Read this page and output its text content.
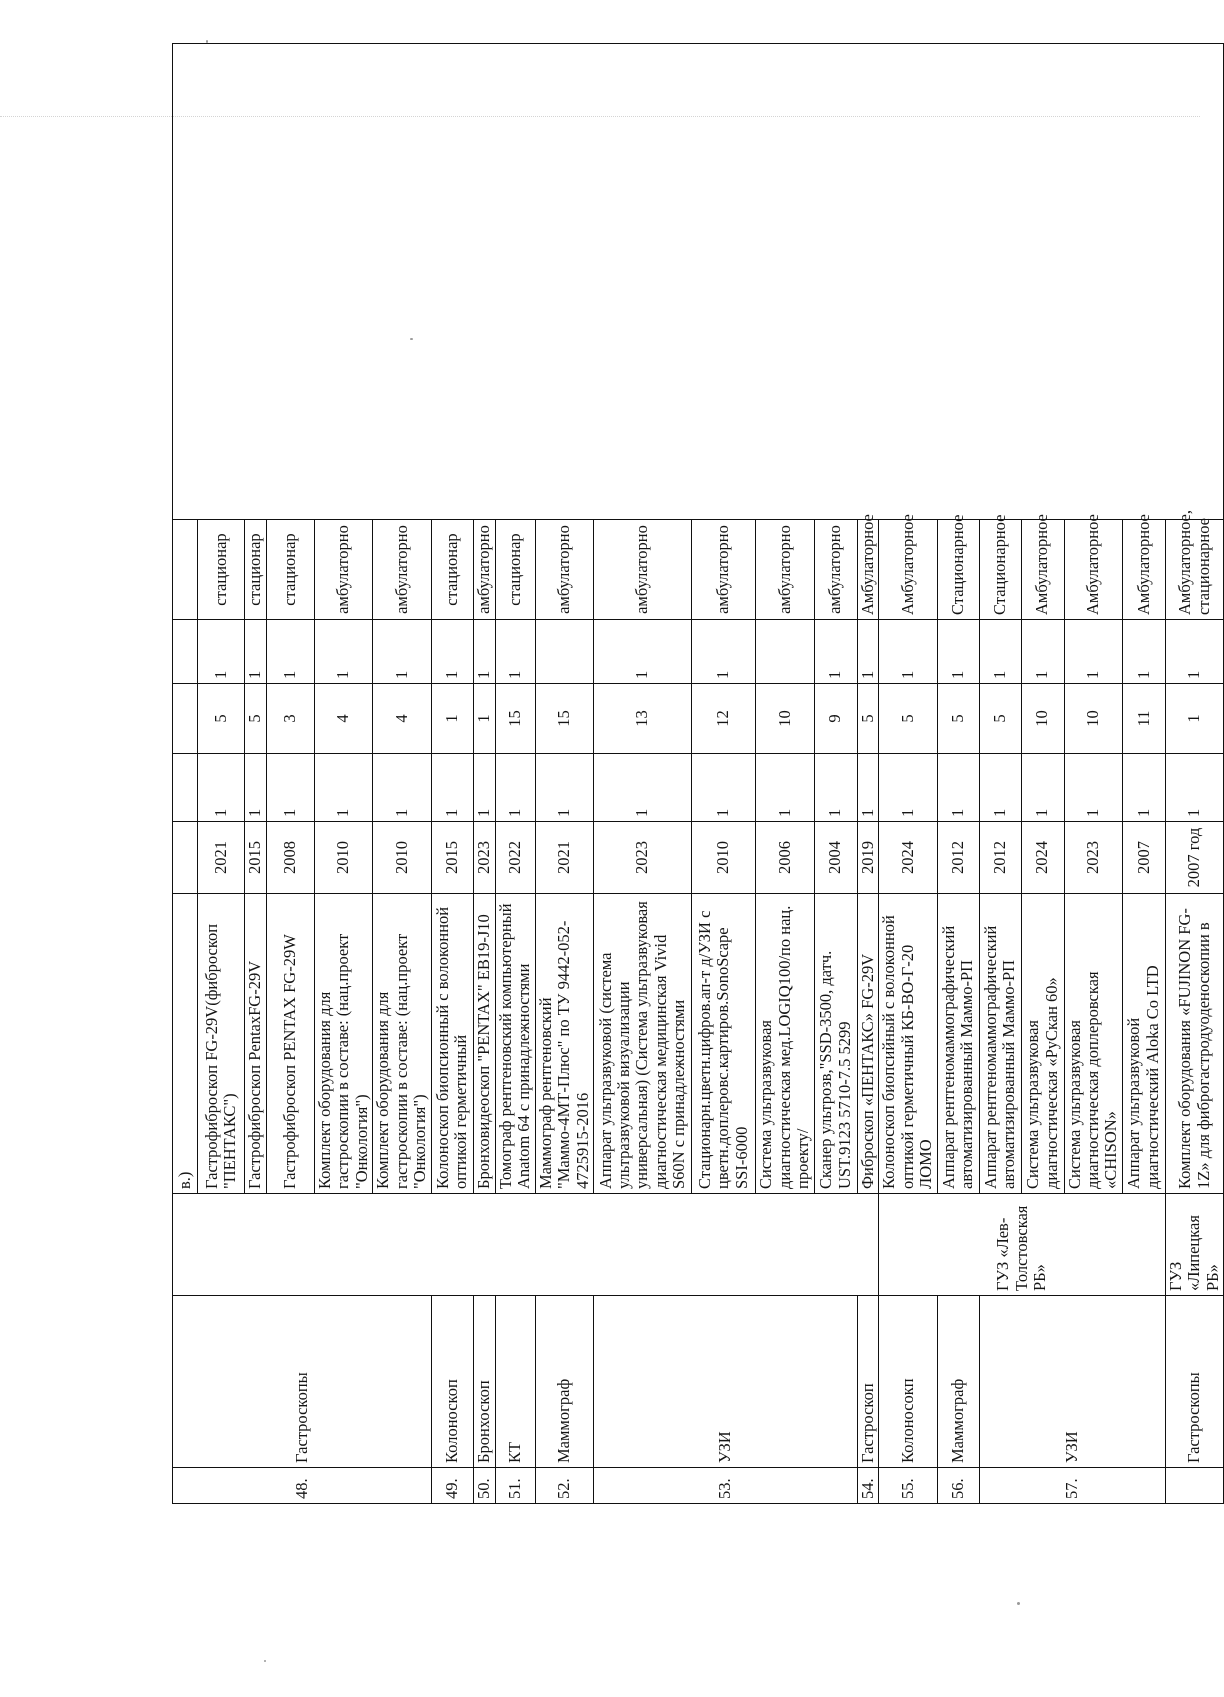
48.	Гастроскопы		в.)						
			Гастрофиброскоп FG-29V(фиброскоп "ПЕНТАКС")	2021	1	5	1	стационар	
			Гастрофиброскоп PentaxFG-29V	2015	1	5	1	стационар	
			Гастрофиброскоп PENTAX FG-29W	2008	1	3	1	стационар	
			Комплект оборудования для гастроскопии в составе: (нац.проект "Онкология")	2010	1	4	1	амбулаторно	
			Комплект оборудования для гастроскопии в составе: (нац.проект "Онкология")	2010	1	4	1	амбулаторно	
49.	Колоноскоп		Колоноскоп биопсионный с волоконной оптикой герметичный	2015	1	1	1	стационар	
50.	Бронхоскоп		Бронховидеоскоп "PENTAX" EB19-J10	2023	1	1	1	амбулаторно	
51.	КТ		Томограф рентгеновский компьютерный Anatom 64 с принадлежностями	2022	1	15	1	стационар	
52.	Маммограф		Маммограф рентгеновский "Маммо-4МТ-Плюс" по ТУ 9442-052-4725915-2016	2021	1	15		амбулаторно	
53.	УЗИ		Аппарат ультразвуковой (система ультразвуковой визуализации универсальная) (Система ультразвуковая диагностическая медицинская Vivid S60N с принадлежностями	2023	1	13	1	амбулаторно	
			Стационарн.цветн.цифров.ап-т д/УЗИ с цветн.доплеровс.картиров.SonoScape SSI-6000	2010	1	12	1	амбулаторно	
			Система ультразвуковая диагностическая мед.LOGIQ100/по нац. проекту/	2006	1	10		амбулаторно	
			Сканер ультрозв,"SSD-3500, датч. UST.9123 5710-7.5 5299	2004	1	9	1	амбулаторно	
54.	Гастроскоп		Фиброскоп «ПЕНТАКС» FG-29V	2019	1	5	1	Амбулаторное	
55.	Колоносокп	ГУЗ «Лев-Толстовская РБ»	Колоноскоп биопсийный с волоконной оптикой герметичный КБ-ВО-Г-20 ЛОМО	2024	1	5	1	Амбулаторное	
56.	Маммограф		Аппарат рентгеномаммографический автоматизированный Маммо-РП	2012	1	5	1	Стационарное	
57.	УЗИ		Аппарат рентгеномаммографический автоматизированный Маммо-РП	2012	1	5	1	Стационарное	
			Система ультразвуковая диагностическая «РуСкан 60»	2024	1	10	1	Амбулаторное	
			Система ультразвуковая диагностическая доплеровская «CHISON»	2023	1	10	1	Амбулаторное	
			Аппарат ультразвуковой диагностический Aloka Co LTD	2007	1	11	1	Амбулаторное	
	Гастроскопы	ГУЗ «Липецкая РБ»	Комплект оборудования «FUJINON FG-1Z» для фиброгастродуоденоскопии в	2007 год	1	1	1	Амбулаторное, стационарное	
